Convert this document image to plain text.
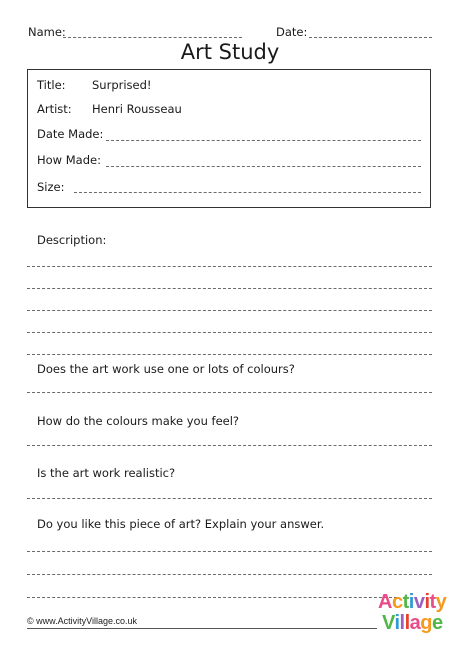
Name:	Date:
Art Study
Title: Surprised!
Artist: Henri Rousseau
Date Made:
How Made:
Size:
Description:
Does the art work use one or lots of colours?
How do the colours make you feel?
Is the art work realistic?
Do you like this piece of art? Explain your answer.
© www.ActivityVillage.co.uk
Activity
Village
